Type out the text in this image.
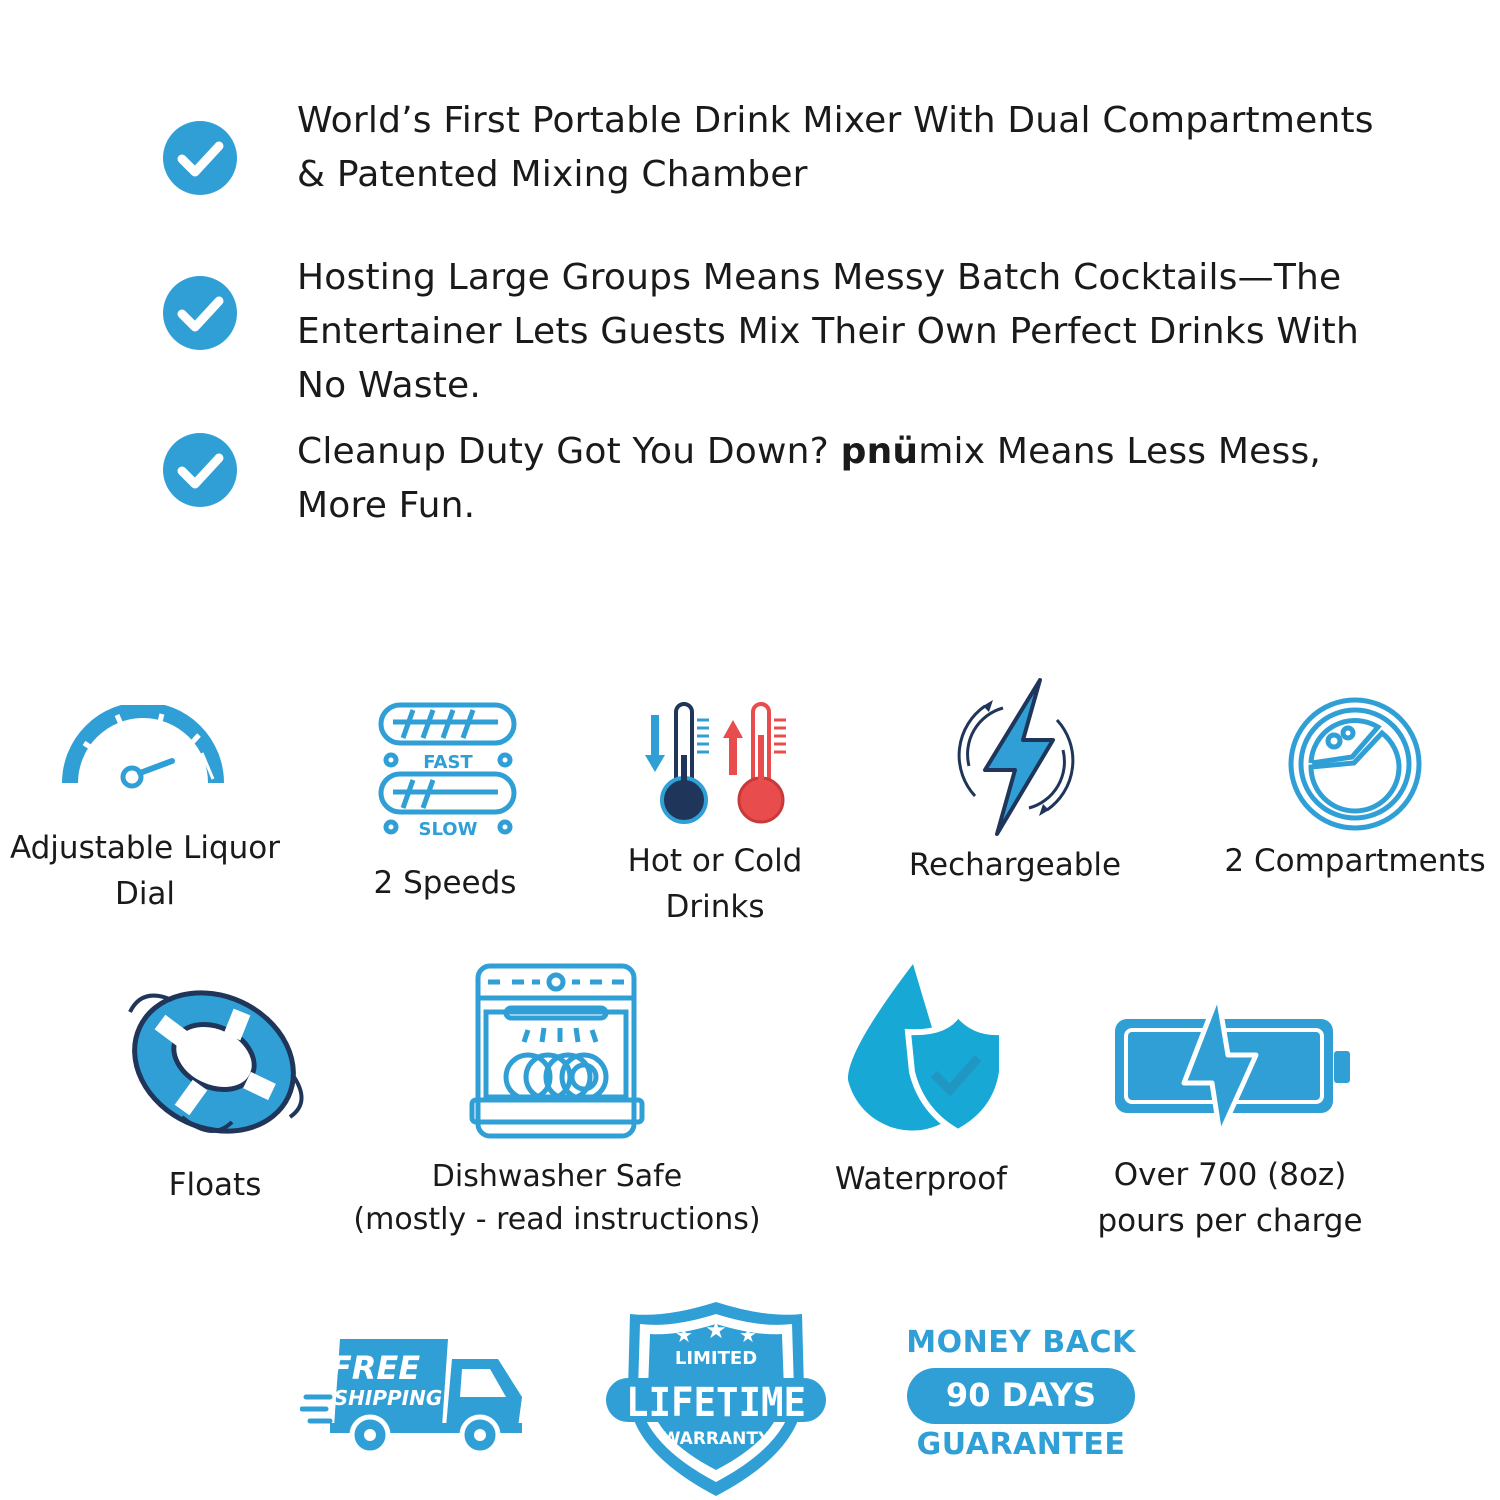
World’s First Portable Drink Mixer With Dual Compartments & Patented Mixing Chamber
Hosting Large Groups Means Messy Batch Cocktails—The Entertainer Lets Guests Mix Their Own Perfect Drinks With No Waste.
Cleanup Duty Got You Down? pnümix Means Less Mess, More Fun.
Adjustable Liquor
Dial
FAST
SLOW
2 Speeds
Hot or Cold
Drinks
Rechargeable	2 Compartments
Floats	Dishwasher Safe
(mostly - read instructions)
Waterproof	Over 700 (8oz)
pours per charge
FREE
SHIPPING
★ ★ ★
LIMITED
LIFETIME
WARRANTY
MONEY BACK
90 DAYS
GUARANTEE
